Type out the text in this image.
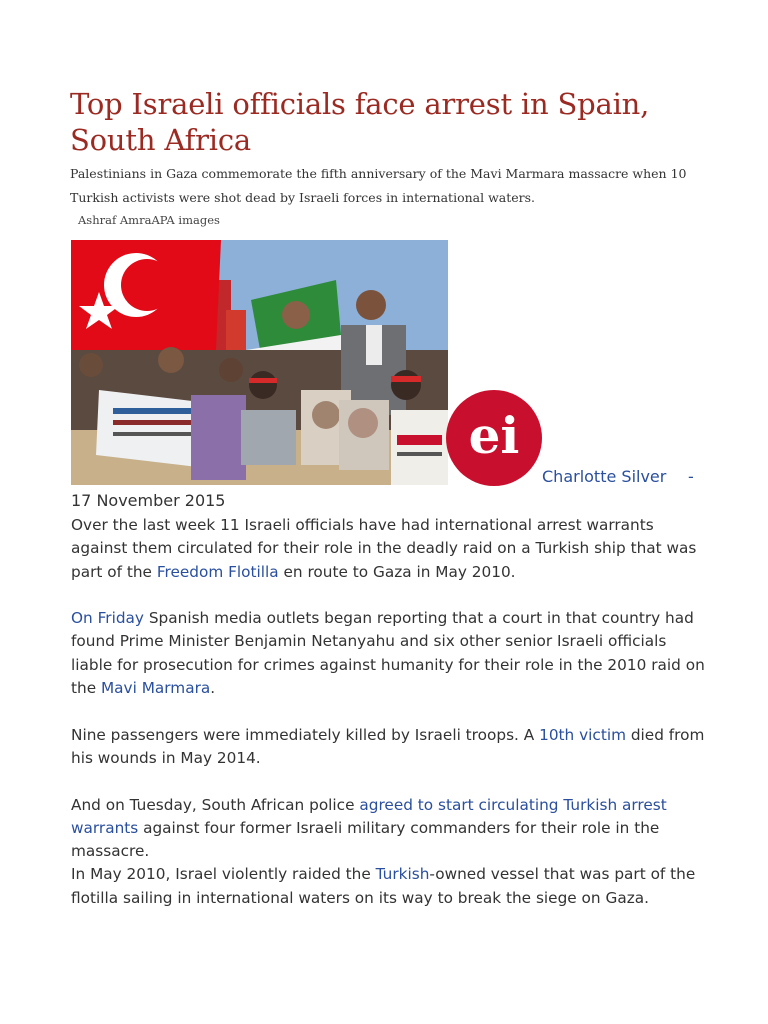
Top Israeli officials face arrest in Spain, South Africa

Palestinians in Gaza commemorate the fifth anniversary of the Mavi Marmara massacre when 10 Turkish activists were shot dead by Israeli forces in international waters.

Ashraf AmraAPA images

ei
Charlotte Silver -
17 November 2015

Over the last week 11 Israeli officials have had international arrest warrants against them circulated for their role in the deadly raid on a Turkish ship that was part of the Freedom Flotilla en route to Gaza in May 2010.

On Friday Spanish media outlets began reporting that a court in that country had found Prime Minister Benjamin Netanyahu and six other senior Israeli officials liable for prosecution for crimes against humanity for their role in the 2010 raid on the Mavi Marmara.

Nine passengers were immediately killed by Israeli troops. A 10th victim died from his wounds in May 2014.

And on Tuesday, South African police agreed to start circulating Turkish arrest warrants against four former Israeli military commanders for their role in the massacre.

In May 2010, Israel violently raided the Turkish-owned vessel that was part of the flotilla sailing in international waters on its way to break the siege on Gaza.
